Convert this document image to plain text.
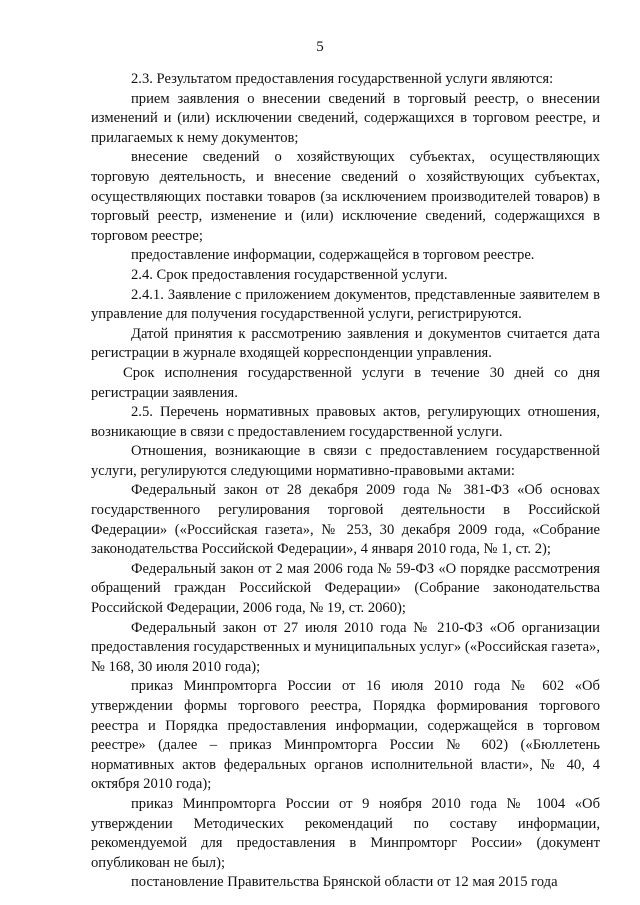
5

2.3. Результатом предоставления государственной услуги являются:

прием заявления о внесении сведений в торговый реестр, о внесении изменений и (или) исключении сведений, содержащихся в торговом реестре, и прилагаемых к нему документов;

внесение сведений о хозяйствующих субъектах, осуществляющих торговую деятельность, и внесение сведений о хозяйствующих субъектах, осуществляющих поставки товаров (за исключением производителей товаров) в торговый реестр, изменение и (или) исключение сведений, содержащихся в торговом реестре;

предоставление информации, содержащейся в торговом реестре.

2.4. Срок предоставления государственной услуги.

2.4.1. Заявление с приложением документов, представленные заявителем в управление для получения государственной услуги, регистрируются.

Датой принятия к рассмотрению заявления и документов считается дата регистрации в журнале входящей корреспонденции управления.

Срок исполнения государственной услуги в течение 30 дней со дня регистрации заявления.

2.5. Перечень нормативных правовых актов, регулирующих отношения, возникающие в связи с предоставлением государственной услуги.

Отношения, возникающие в связи с предоставлением государственной услуги, регулируются следующими нормативно-правовыми актами:

Федеральный закон от 28 декабря 2009 года № 381-ФЗ «Об основах государственного регулирования торговой деятельности в Российской Федерации» («Российская газета», № 253, 30 декабря 2009 года, «Собрание законодательства Российской Федерации», 4 января 2010 года, № 1, ст. 2);

Федеральный закон от 2 мая 2006 года № 59-ФЗ «О порядке рассмотрения обращений граждан Российской Федерации» (Собрание законодательства Российской Федерации, 2006 года, № 19, ст. 2060);

Федеральный закон от 27 июля 2010 года № 210-ФЗ «Об организации предоставления государственных и муниципальных услуг» («Российская газета», № 168, 30 июля 2010 года);

приказ Минпромторга России от 16 июля 2010 года № 602 «Об утверждении формы торгового реестра, Порядка формирования торгового реестра и Порядка предоставления информации, содержащейся в торговом реестре» (далее – приказ Минпромторга России № 602) («Бюллетень нормативных актов федеральных органов исполнительной власти», № 40, 4 октября 2010 года);

приказ Минпромторга России от 9 ноября 2010 года № 1004 «Об утверждении Методических рекомендаций по составу информации, рекомендуемой для предоставления в Минпромторг России» (документ опубликован не был);

постановление Правительства Брянской области от 12 мая 2015 года
